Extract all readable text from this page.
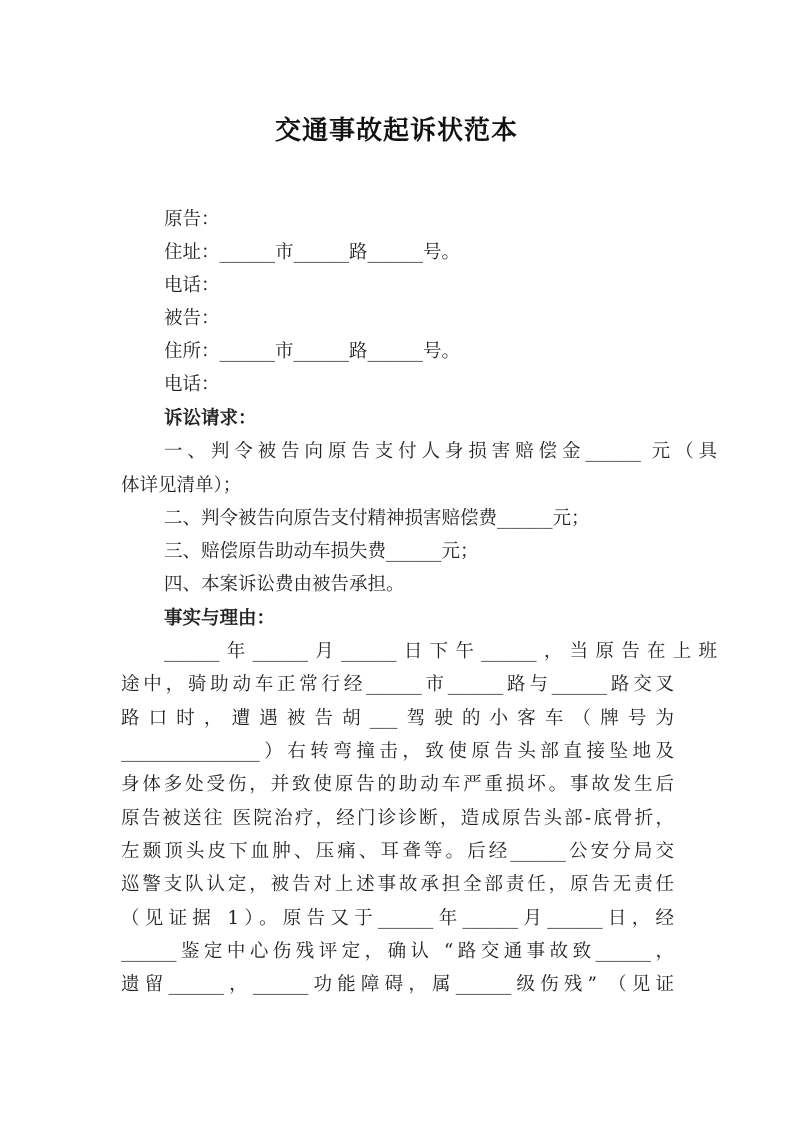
交通事故起诉状范本
原告：
住址：______市______路______号。
电话：
被告：
住所：______市______路______号。
电话：
诉讼请求：
一、判令被告向原告支付人身损害赔偿金______ 元（具
体详见清单）；
二、判令被告向原告支付精神损害赔偿费______元；
三、赔偿原告助动车损失费______元；
四、本案诉讼费由被告承担。
事实与理由：
______年______月______日下午______，当原告在上班
途中，骑助动车正常行经______市______路与______路交叉
路口时，遭遇被告胡___驾驶的小客车（牌号为
_______________）右转弯撞击，致使原告头部直接坠地及
身体多处受伤，并致使原告的助动车严重损坏。事故发生后
原告被送往 医院治疗，经门诊诊断，造成原告头部-底骨折，
左颞顶头皮下血肿、压痛、耳聋等。后经______公安分局交
巡警支队认定，被告对上述事故承担全部责任，原告无责任
（见证据 1）。原告又于______年______月______日，经
______鉴定中心伤残评定，确认 “路交通事故致______，
遗留______，______功能障碍，属______级伤残” （见证
